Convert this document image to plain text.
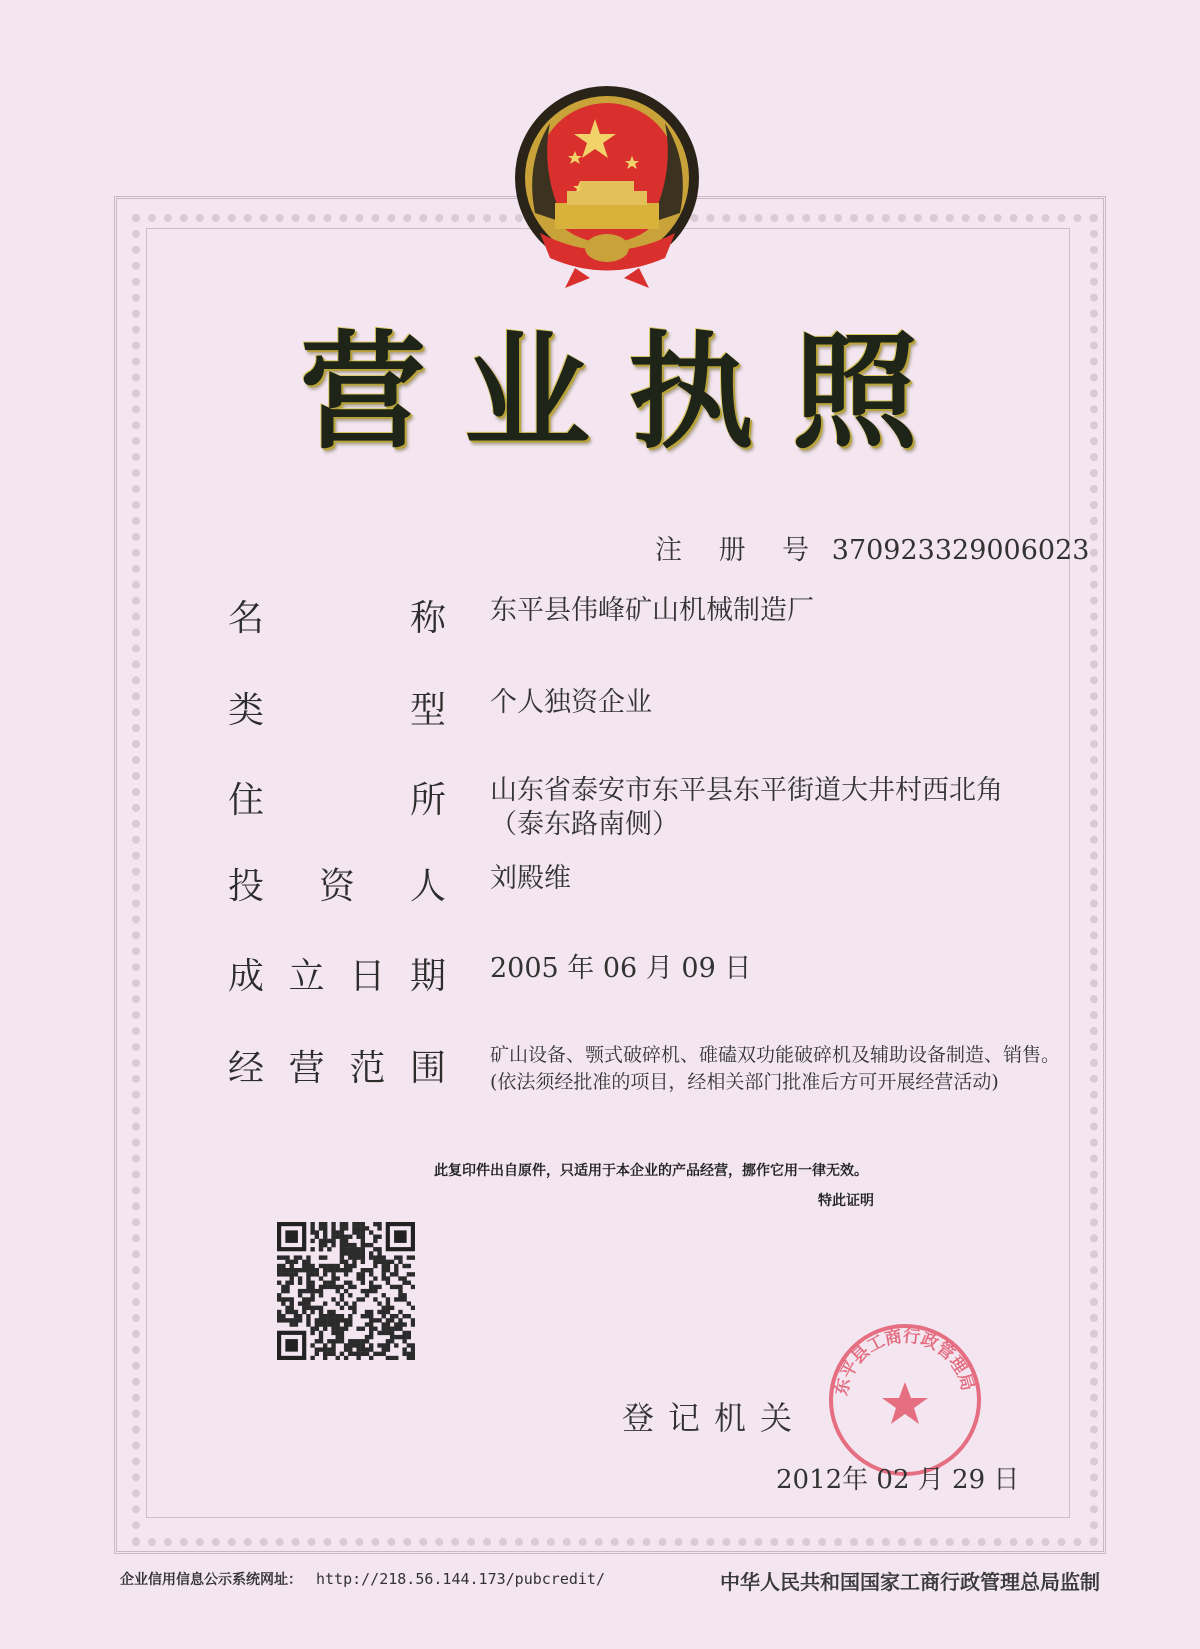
营业执照
注 册 号 370923329006023
名	称 东平县伟峰矿山机械制造厂
类	型 个人独资企业
住	所 山东省泰安市东平县东平街道大井村西北角
（泰东路南侧）
投 资 人 刘殿维
成 立 日 期 2005 年 06 月 09 日
经 营 范 围 矿山设备、颚式破碎机、碓磕双功能破碎机及辅助设备制造、销售。(依法须经批准的项目，经相关部门批准后方可开展经营活动)
此复印件出自原件，只适用于本企业的产品经营，挪作它用一律无效。
特此证明
登记机关
东平县工商行政管理局
2012年 02 月 29 日
企业信用信息公示系统网址： http://218.56.144.173/pubcredit/	中华人民共和国国家工商行政管理总局监制
